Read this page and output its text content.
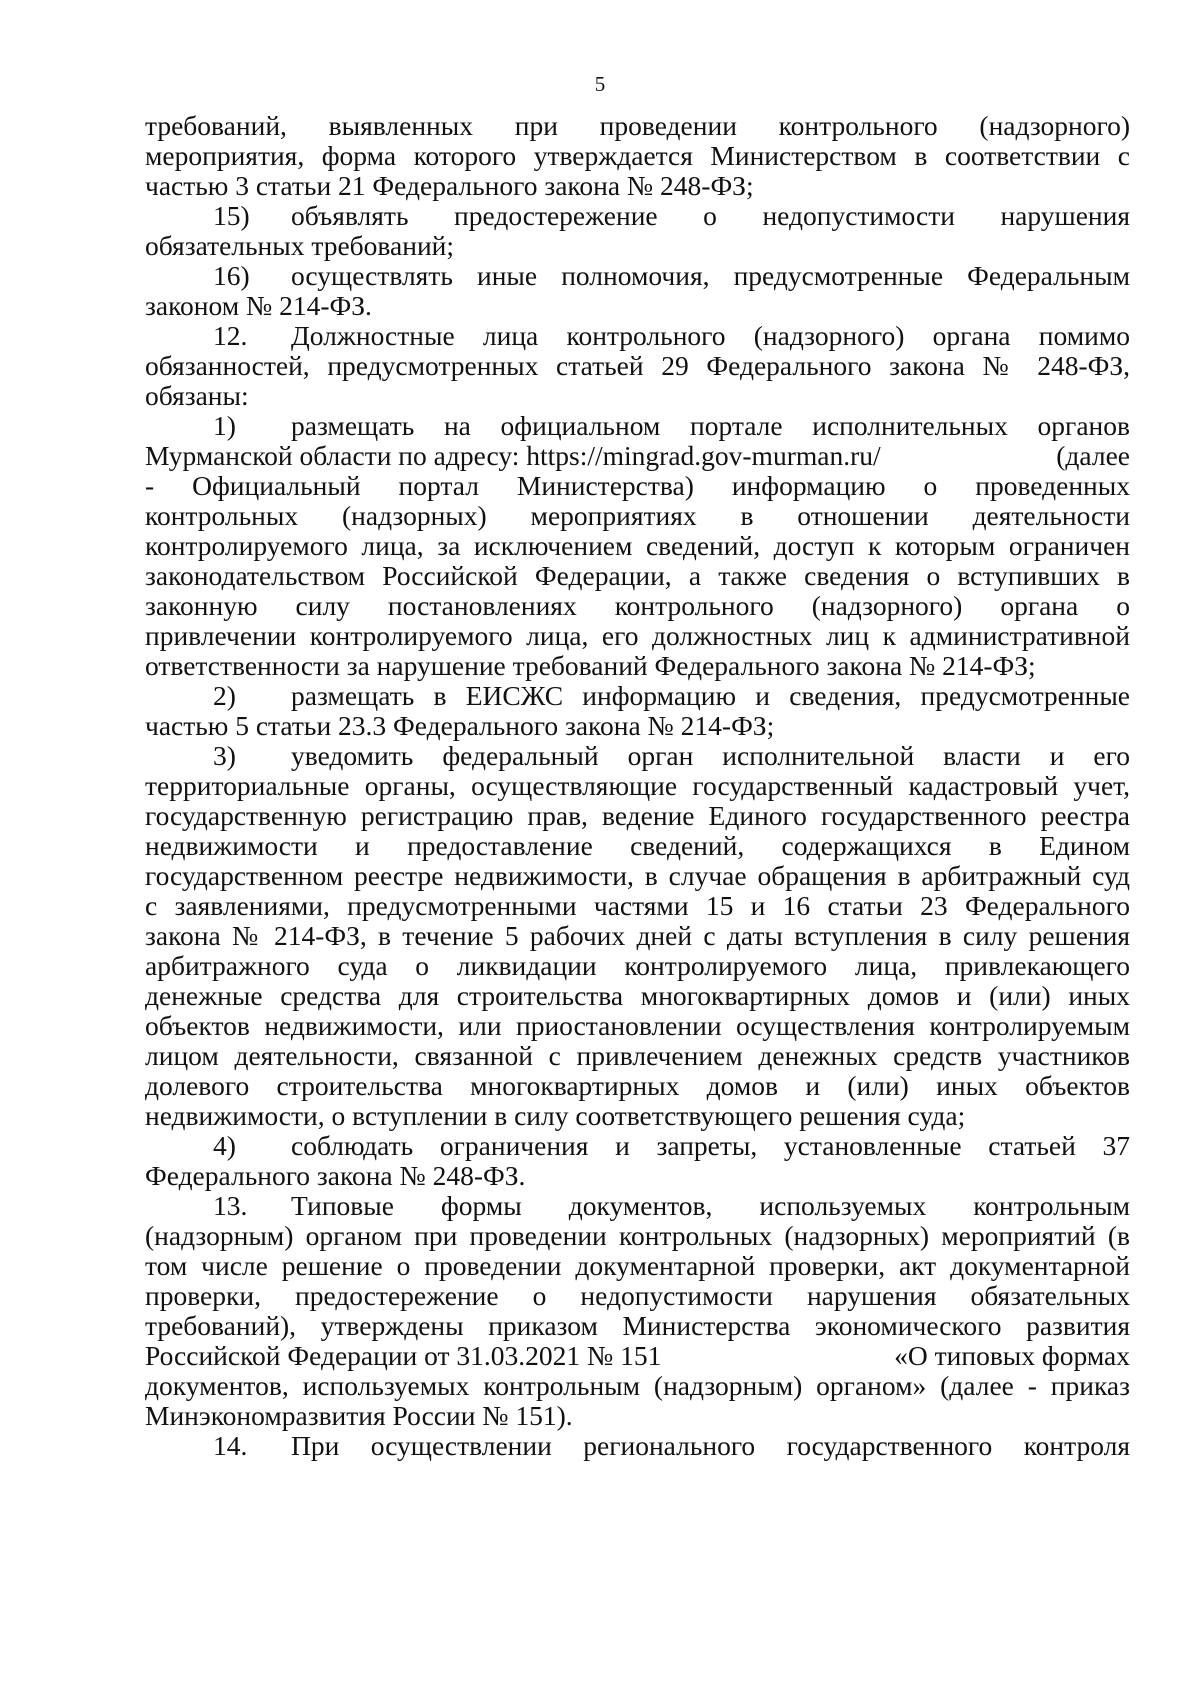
5
требований, выявленных при проведении контрольного (надзорного)
мероприятия, форма которого утверждается Министерством в соответствии с
частью 3 статьи 21 Федерального закона № 248-ФЗ;
15)	объявлять предостережение о недопустимости нарушения
обязательных требований;
16)	осуществлять иные полномочия, предусмотренные Федеральным
законом № 214-ФЗ.
12.	Должностные лица контрольного (надзорного) органа помимо
обязанностей, предусмотренных статьей 29 Федерального закона № 248-ФЗ,
обязаны:
1)	размещать на официальном портале исполнительных органов
Мурманской области по адресу: https://mingrad.gov-murman.ru/	(далее
- Официальный портал Министерства) информацию о проведенных
контрольных (надзорных) мероприятиях в отношении деятельности
контролируемого лица, за исключением сведений, доступ к которым ограничен
законодательством Российской Федерации, а также сведения о вступивших в
законную силу постановлениях контрольного (надзорного) органа о
привлечении контролируемого лица, его должностных лиц к административной
ответственности за нарушение требований Федерального закона № 214-ФЗ;
2)	размещать в ЕИСЖС информацию и сведения, предусмотренные
частью 5 статьи 23.3 Федерального закона № 214-ФЗ;
3)	уведомить федеральный орган исполнительной власти и его
территориальные органы, осуществляющие государственный кадастровый учет,
государственную регистрацию прав, ведение Единого государственного реестра
недвижимости и предоставление сведений, содержащихся в Едином
государственном реестре недвижимости, в случае обращения в арбитражный суд
с заявлениями, предусмотренными частями 15 и 16 статьи 23 Федерального
закона № 214-ФЗ, в течение 5 рабочих дней с даты вступления в силу решения
арбитражного суда о ликвидации контролируемого лица, привлекающего
денежные средства для строительства многоквартирных домов и (или) иных
объектов недвижимости, или приостановлении осуществления контролируемым
лицом деятельности, связанной с привлечением денежных средств участников
долевого строительства многоквартирных домов и (или) иных объектов
недвижимости, о вступлении в силу соответствующего решения суда;
4)	соблюдать ограничения и запреты, установленные статьей 37
Федерального закона № 248-ФЗ.
13.	Типовые формы документов, используемых контрольным
(надзорным) органом при проведении контрольных (надзорных) мероприятий (в
том числе решение о проведении документарной проверки, акт документарной
проверки, предостережение о недопустимости нарушения обязательных
требований), утверждены приказом Министерства экономического развития
Российской Федерации от 31.03.2021 № 151	«О типовых формах
документов, используемых контрольным (надзорным) органом» (далее - приказ
Минэкономразвития России № 151).
14.	При осуществлении регионального государственного контроля
